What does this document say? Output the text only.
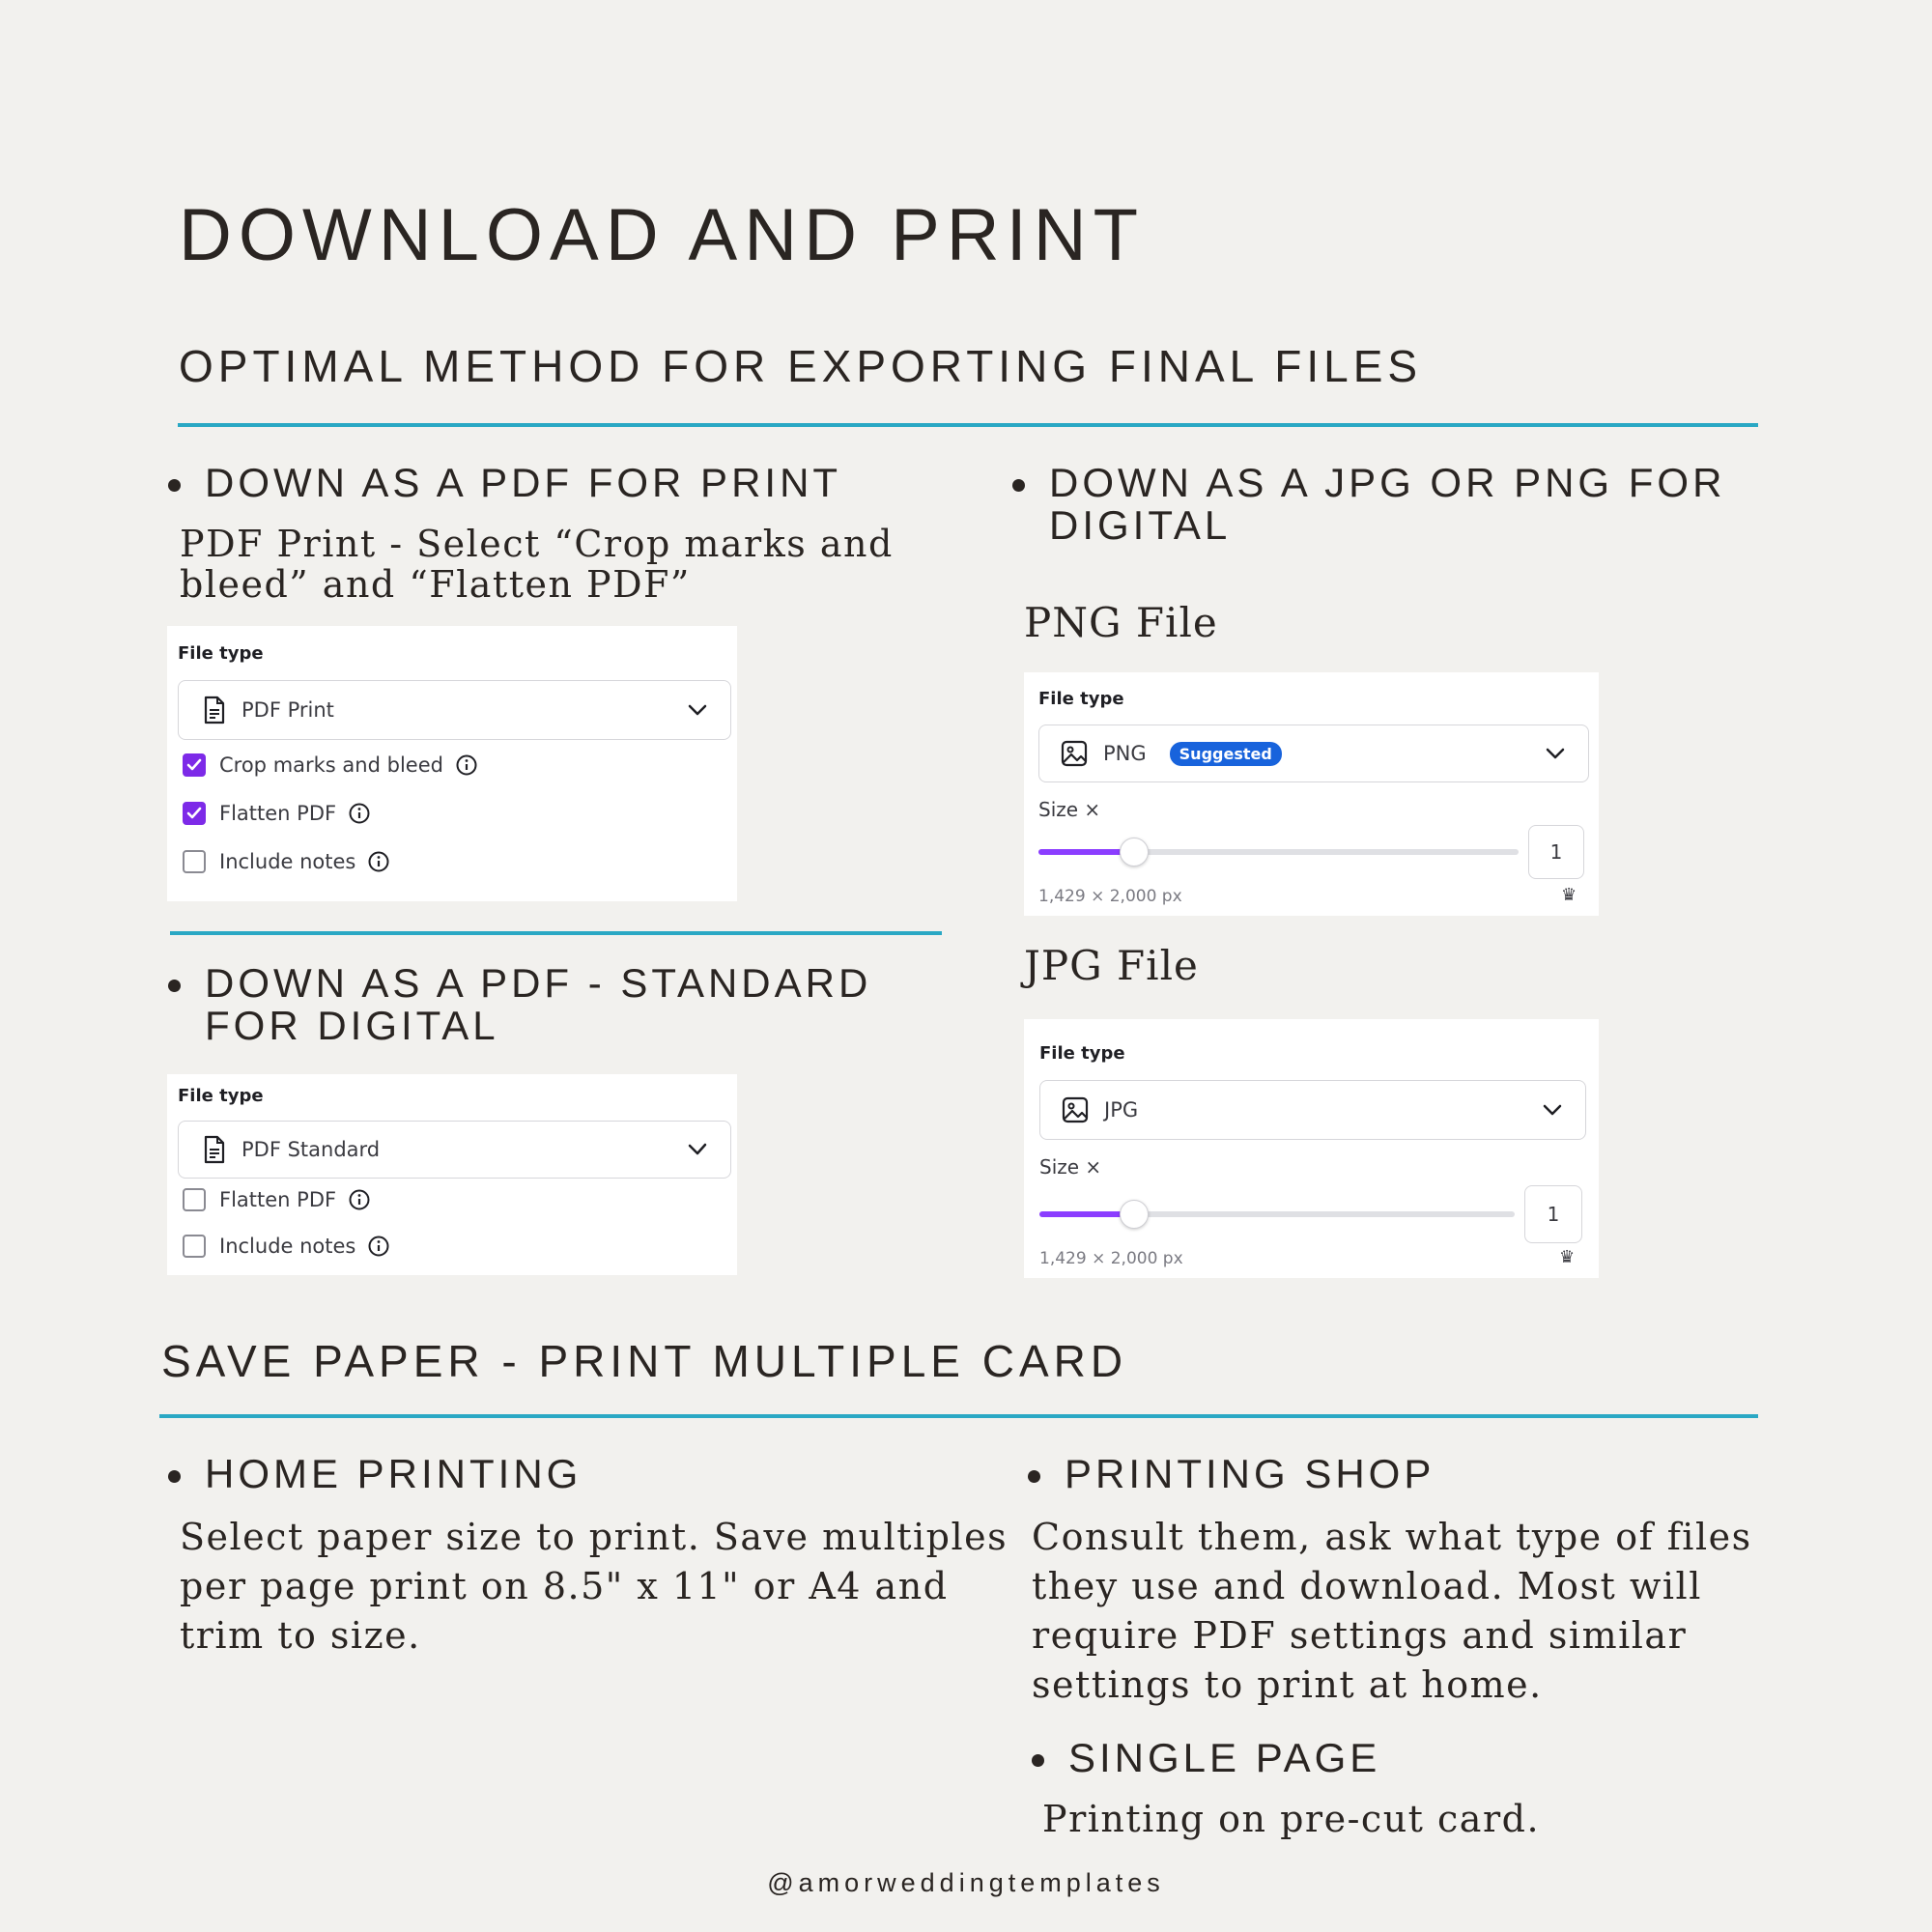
DOWNLOAD AND PRINT
OPTIMAL METHOD FOR EXPORTING FINAL FILES
DOWN AS A PDF FOR PRINT
PDF Print - Select “Crop marks and
bleed” and “Flatten PDF”
File type
PDF Print
Crop marks and bleed
Flatten PDF
Include notes
DOWN AS A PDF - STANDARD
FOR DIGITAL
File type
PDF Standard
Flatten PDF
Include notes
DOWN AS A JPG OR PNG FOR
DIGITAL
PNG File
File type
PNG	Suggested
Size ×
1
1,429 × 2,000 px	♛
JPG File
File type
JPG
Size ×
1
1,429 × 2,000 px	♛
SAVE PAPER - PRINT MULTIPLE CARD
HOME PRINTING
Select paper size to print. Save multiples
per page print on 8.5" x 11" or A4 and
trim to size.
PRINTING SHOP
Consult them, ask what type of files
they use and download. Most will
require PDF settings and similar
settings to print at home.
SINGLE PAGE
Printing on pre-cut card.
@amorweddingtemplates
